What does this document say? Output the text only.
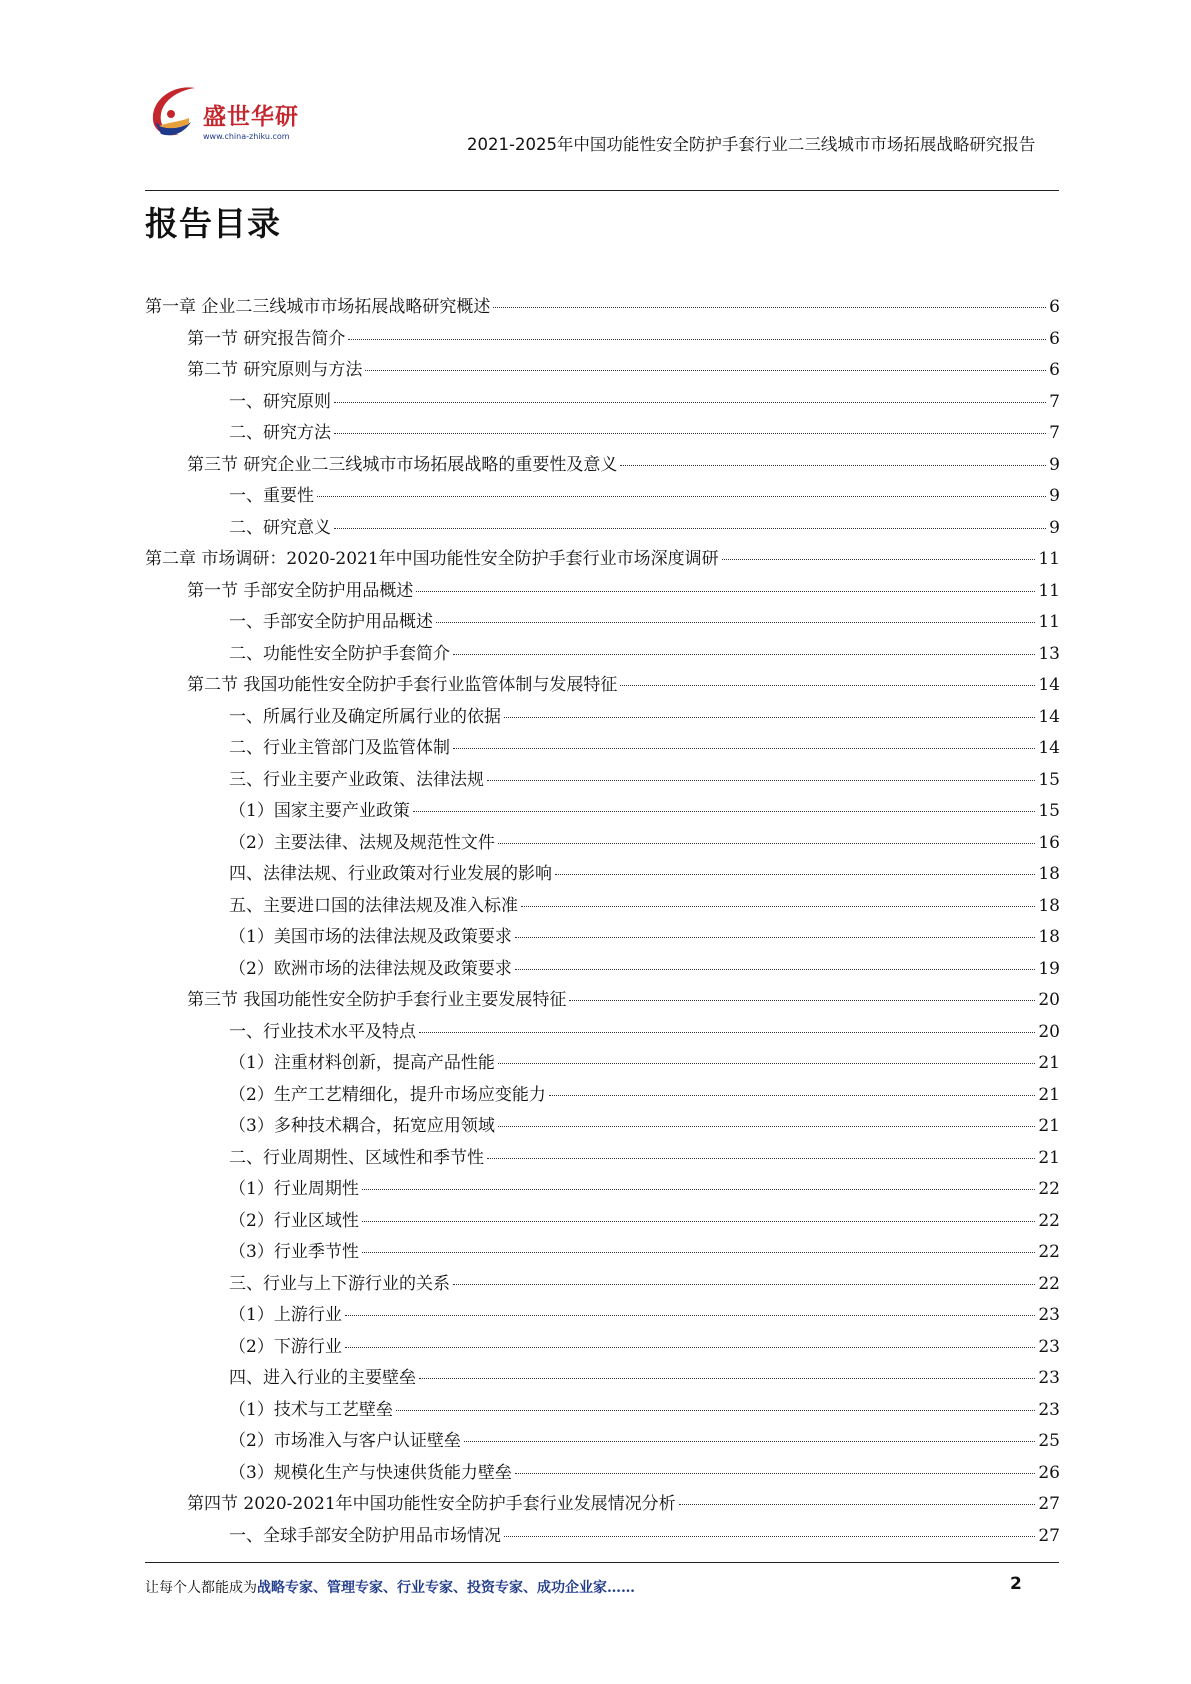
盛世华研
www.china-zhiku.com	2021-2025年中国功能性安全防护手套行业二三线城市市场拓展战略研究报告
报告目录
第一章 企业二三线城市市场拓展战略研究概述	6
第一节 研究报告简介	6
第二节 研究原则与方法	6
一、研究原则	7
二、研究方法	7
第三节 研究企业二三线城市市场拓展战略的重要性及意义	9
一、重要性	9
二、研究意义	9
第二章 市场调研：2020-2021年中国功能性安全防护手套行业市场深度调研	11
第一节 手部安全防护用品概述	11
一、手部安全防护用品概述	11
二、功能性安全防护手套简介	13
第二节 我国功能性安全防护手套行业监管体制与发展特征	14
一、所属行业及确定所属行业的依据	14
二、行业主管部门及监管体制	14
三、行业主要产业政策、法律法规	15
（1）国家主要产业政策	15
（2）主要法律、法规及规范性文件	16
四、法律法规、行业政策对行业发展的影响	18
五、主要进口国的法律法规及准入标准	18
（1）美国市场的法律法规及政策要求	18
（2）欧洲市场的法律法规及政策要求	19
第三节 我国功能性安全防护手套行业主要发展特征	20
一、行业技术水平及特点	20
（1）注重材料创新，提高产品性能	21
（2）生产工艺精细化，提升市场应变能力	21
（3）多种技术耦合，拓宽应用领域	21
二、行业周期性、区域性和季节性	21
（1）行业周期性	22
（2）行业区域性	22
（3）行业季节性	22
三、行业与上下游行业的关系	22
（1）上游行业	23
（2）下游行业	23
四、进入行业的主要壁垒	23
（1）技术与工艺壁垒	23
（2）市场准入与客户认证壁垒	25
（3）规模化生产与快速供货能力壁垒	26
第四节 2020-2021年中国功能性安全防护手套行业发展情况分析	27
一、全球手部安全防护用品市场情况	27
让每个人都能成为战略专家、管理专家、行业专家、投资专家、成功企业家……	2
